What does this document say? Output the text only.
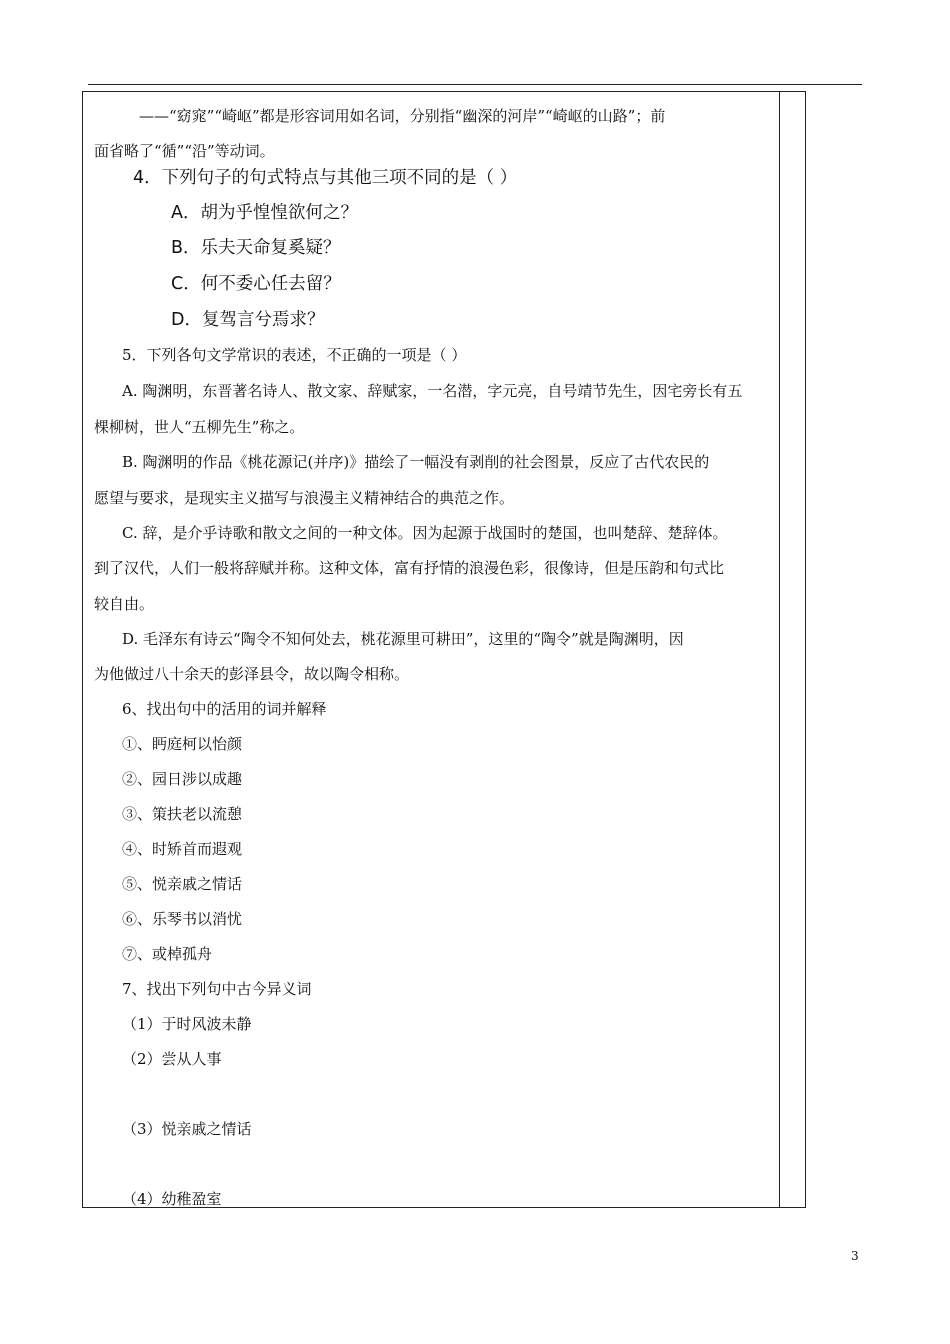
——“窈窕”“崎岖”都是形容词用如名词，分别指“幽深的河岸”“崎岖的山路”；前
面省略了“循”“沿”等动词。
4．下列句子的句式特点与其他三项不同的是（ ）
A．胡为乎惶惶欲何之？
B．乐夫天命复奚疑？
C．何不委心任去留？
D．复驾言兮焉求？
5．下列各句文学常识的表述，不正确的一项是（ ）
A. 陶渊明，东晋著名诗人、散文家、辞赋家，一名潜，字元亮，自号靖节先生，因宅旁长有五
棵柳树，世人“五柳先生”称之。
B. 陶渊明的作品《桃花源记(并序)》描绘了一幅没有剥削的社会图景，反应了古代农民的
愿望与要求，是现实主义描写与浪漫主义精神结合的典范之作。
C. 辞，是介乎诗歌和散文之间的一种文体。因为起源于战国时的楚国，也叫楚辞、楚辞体。
到了汉代，人们一般将辞赋并称。这种文体，富有抒情的浪漫色彩，很像诗，但是压韵和句式比
较自由。
D. 毛泽东有诗云“陶令不知何处去，桃花源里可耕田”，这里的“陶令”就是陶渊明，因
为他做过八十余天的彭泽县令，故以陶令相称。
6、找出句中的活用的词并解释
①、眄庭柯以怡颜
②、园日涉以成趣
③、策扶老以流憩
④、时矫首而遐观
⑤、悦亲戚之情话
⑥、乐琴书以消忧
⑦、或棹孤舟
7、找出下列句中古今异义词
（1）于时风波未静
（2）尝从人事
（3）悦亲戚之情话
（4）幼稚盈室
3
